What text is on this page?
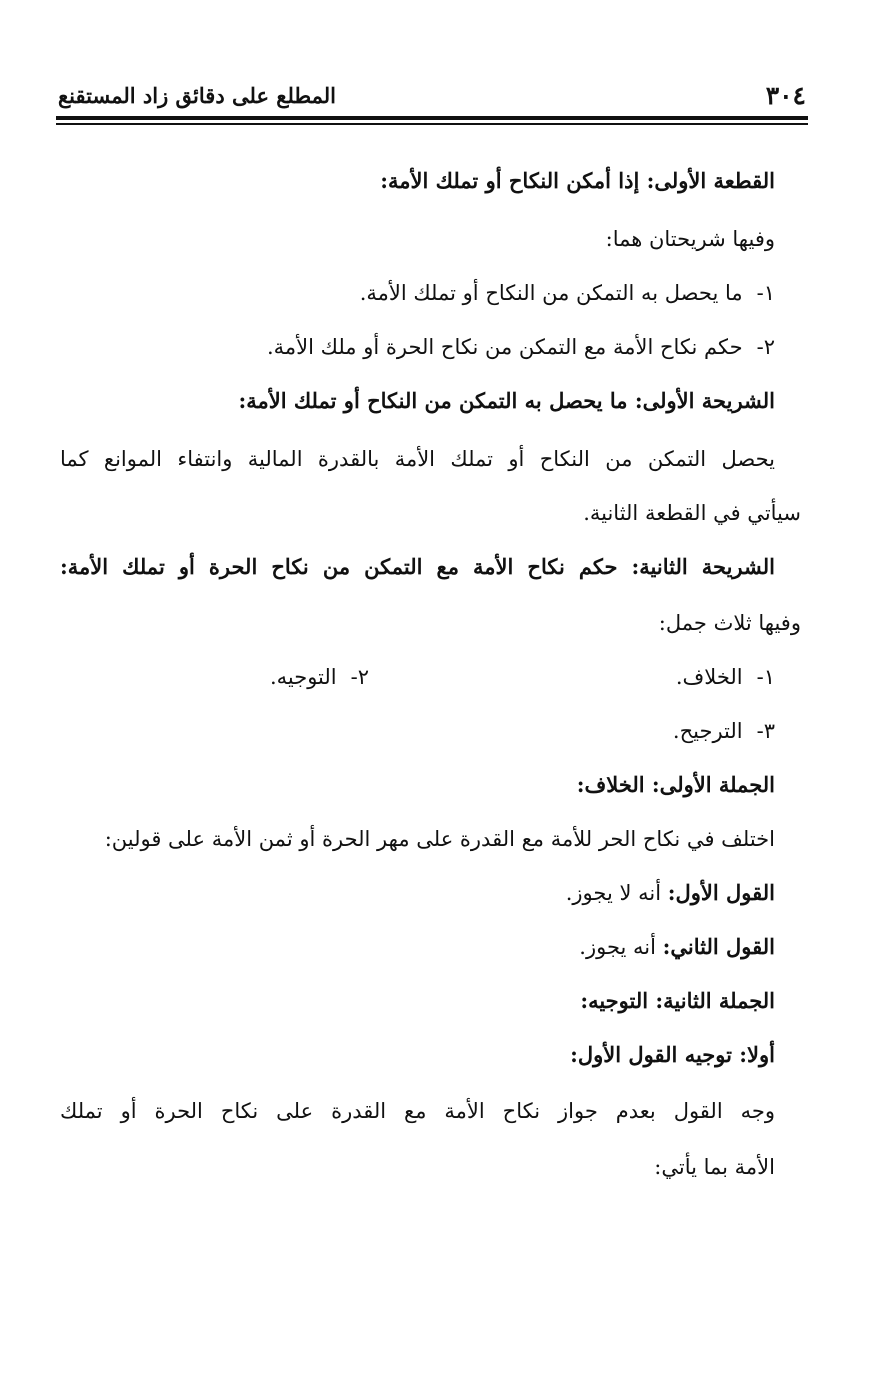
٣٠٤
المطلع على دقائق زاد المستقنع
القطعة الأولى: إذا أمكن النكاح أو تملك الأمة:
وفيها شريحتان هما:
١-ما يحصل به التمكن من النكاح أو تملك الأمة.
٢-حكم نكاح الأمة مع التمكن من نكاح الحرة أو ملك الأمة.
الشريحة الأولى: ما يحصل به التمكن من النكاح أو تملك الأمة:
يحصل التمكن من النكاح أو تملك الأمة بالقدرة المالية وانتفاء الموانع كما
سيأتي في القطعة الثانية.
الشريحة الثانية: حكم نكاح الأمة مع التمكن من نكاح الحرة أو تملك الأمة:
وفيها ثلاث جمل:
١-الخلاف.
٢-التوجيه.
٣-الترجيح.
الجملة الأولى: الخلاف:
اختلف في نكاح الحر للأمة مع القدرة على مهر الحرة أو ثمن الأمة على قولين:
القول الأول: أنه لا يجوز.
القول الثاني: أنه يجوز.
الجملة الثانية: التوجيه:
أولا: توجيه القول الأول:
وجه القول بعدم جواز نكاح الأمة مع القدرة على نكاح الحرة أو تملك
الأمة بما يأتي:
